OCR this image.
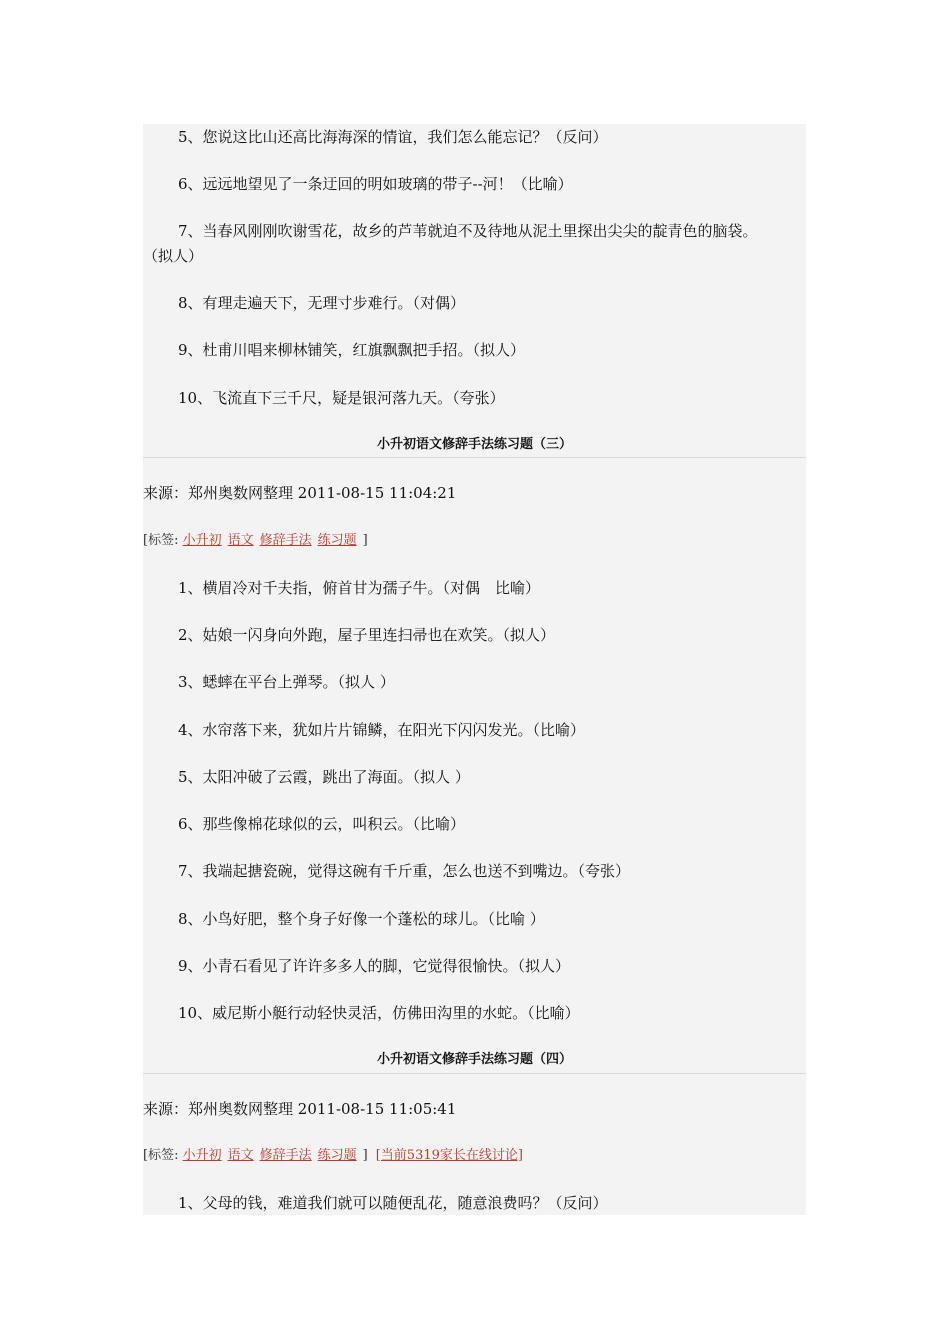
5、您说这比山还高比海海深的情谊，我们怎么能忘记？（反问）
6、远远地望见了一条迂回的明如玻璃的带子--河！（比喻）
7、当春风刚刚吹谢雪花，故乡的芦苇就迫不及待地从泥土里探出尖尖的靛青色的脑袋。
（拟人）
8、有理走遍天下，无理寸步难行。（对偶）
9、杜甫川唱来柳林铺笑，红旗飘飘把手招。（拟人）
10、飞流直下三千尺，疑是银河落九天。（夸张）
小升初语文修辞手法练习题（三）
来源：郑州奥数网整理 2011-08-15 11:04:21
[标签: 小升初 语文 修辞手法 练习题 ]
1、横眉冷对千夫指，俯首甘为孺子牛。（对偶　比喻）
2、姑娘一闪身向外跑，屋子里连扫帚也在欢笑。（拟人）
3、蟋蟀在平台上弹琴。（拟人 ）
4、水帘落下来，犹如片片锦鳞，在阳光下闪闪发光。（比喻）
5、太阳冲破了云霞，跳出了海面。（拟人 ）
6、那些像棉花球似的云，叫积云。（比喻）
7、我端起搪瓷碗，觉得这碗有千斤重，怎么也送不到嘴边。（夸张）
8、小鸟好肥，整个身子好像一个蓬松的球儿。（比喻 ）
9、小青石看见了许许多多人的脚，它觉得很愉快。（拟人）
10、威尼斯小艇行动轻快灵活，仿佛田沟里的水蛇。（比喻）
小升初语文修辞手法练习题（四）
来源：郑州奥数网整理 2011-08-15 11:05:41
[标签: 小升初 语文 修辞手法 练习题 ] [当前5319家长在线讨论]
1、父母的钱，难道我们就可以随便乱花，随意浪费吗？（反问）
